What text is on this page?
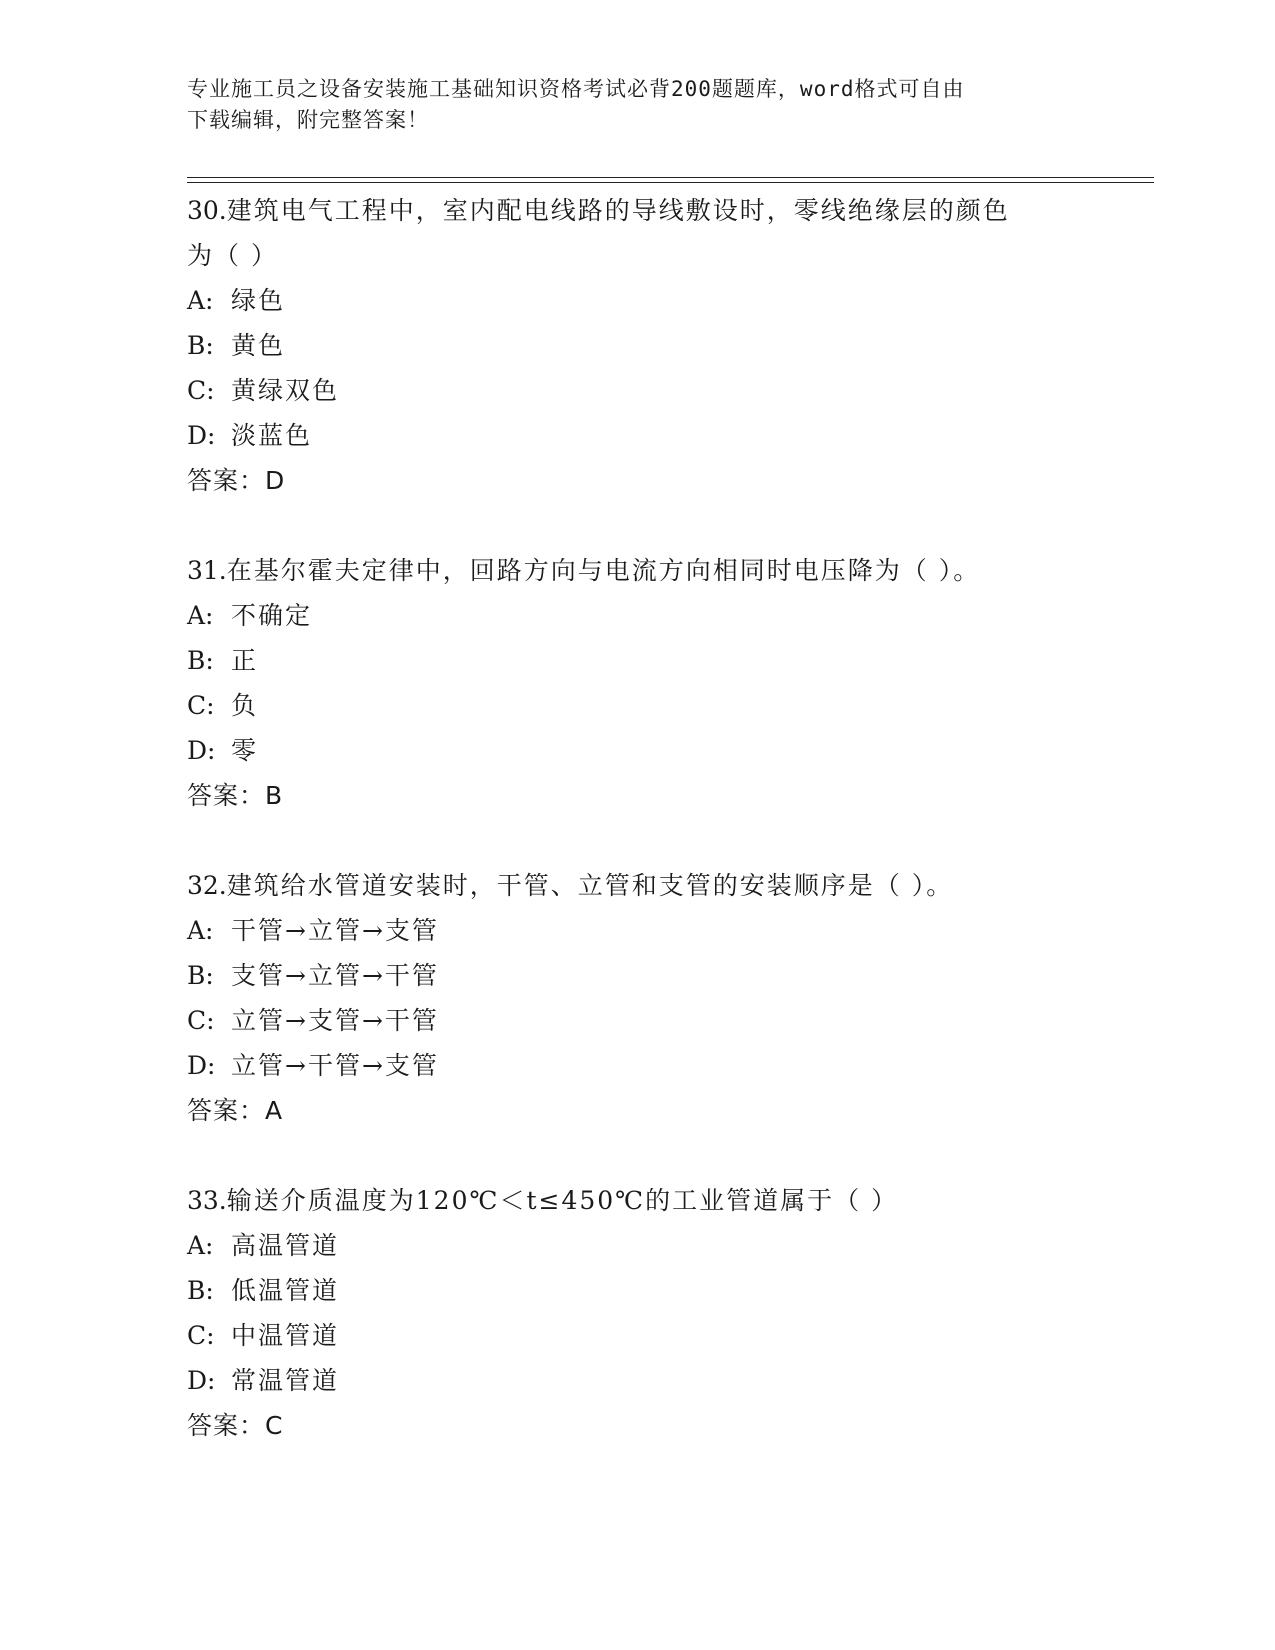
专业施工员之设备安装施工基础知识资格考试必背200题题库，word格式可自由
下载编辑，附完整答案！

30.建筑电气工程中，室内配电线路的导线敷设时，零线绝缘层的颜色
为（ ）

A: 绿色
B: 黄色
C: 黄绿双色
D: 淡蓝色
答案：D

31.在基尔霍夫定律中，回路方向与电流方向相同时电压降为（ ）。

A: 不确定
B: 正
C: 负
D: 零
答案：B

32.建筑给水管道安装时，干管、立管和支管的安装顺序是（ ）。

A: 干管→立管→支管
B: 支管→立管→干管
C: 立管→支管→干管
D: 立管→干管→支管
答案：A

33.输送介质温度为120℃＜t≤450℃的工业管道属于（ ）

A: 高温管道
B: 低温管道
C: 中温管道
D: 常温管道
答案：C
